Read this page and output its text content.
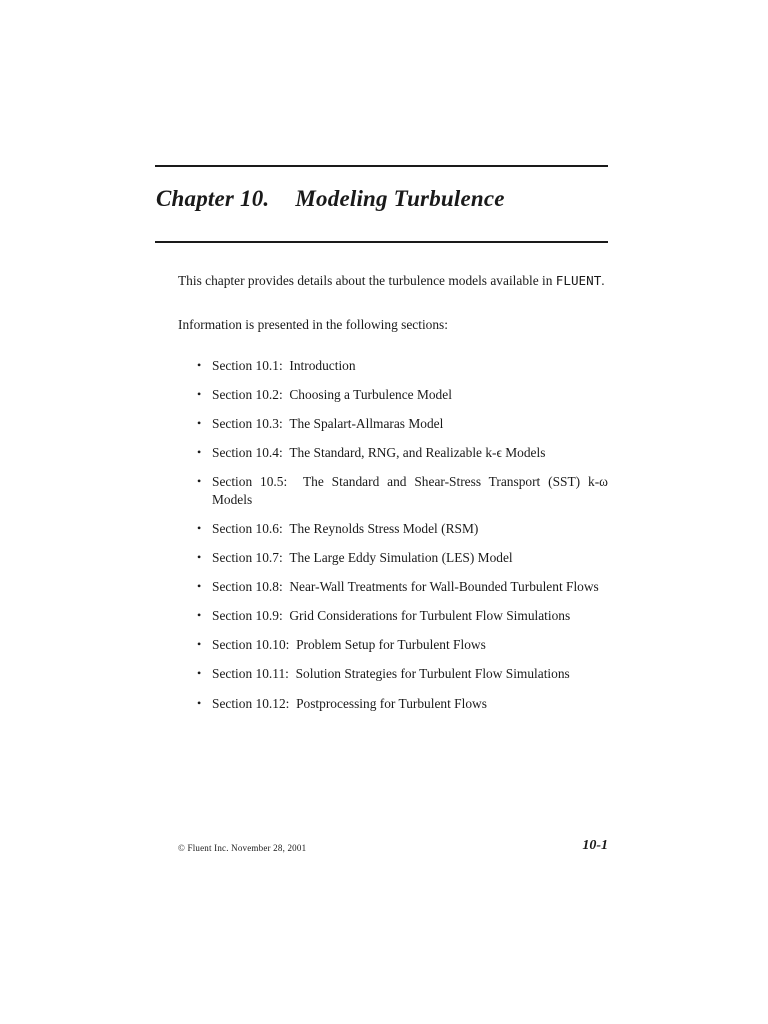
Chapter 10. Modeling Turbulence

This chapter provides details about the turbulence models available in FLUENT.

Information is presented in the following sections:

• Section 10.1: Introduction
• Section 10.2: Choosing a Turbulence Model
• Section 10.3: The Spalart-Allmaras Model
• Section 10.4: The Standard, RNG, and Realizable k-ϵ Models
• Section 10.5: The Standard and Shear-Stress Transport (SST) k-ω Models
• Section 10.6: The Reynolds Stress Model (RSM)
• Section 10.7: The Large Eddy Simulation (LES) Model
• Section 10.8: Near-Wall Treatments for Wall-Bounded Turbulent Flows
• Section 10.9: Grid Considerations for Turbulent Flow Simulations
• Section 10.10: Problem Setup for Turbulent Flows
• Section 10.11: Solution Strategies for Turbulent Flow Simulations
• Section 10.12: Postprocessing for Turbulent Flows
© Fluent Inc. November 28, 2001	10-1
